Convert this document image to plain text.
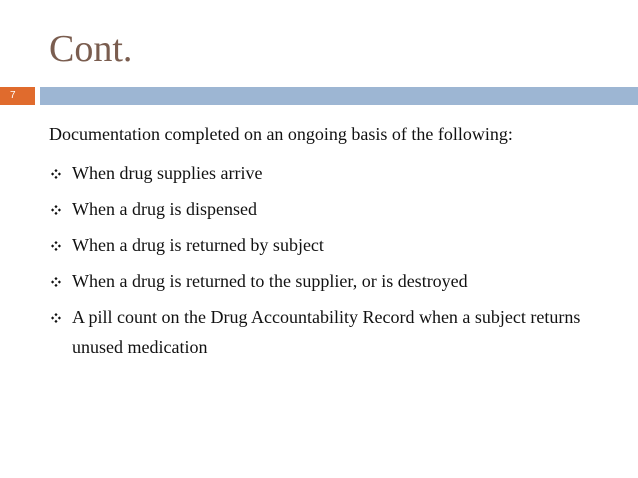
Cont.
7

Documentation completed on an ongoing basis of the following:

When drug supplies arrive
When a drug is dispensed
When a drug is returned by subject
When a drug is returned to the supplier, or is destroyed
A pill count on the Drug Accountability Record when a subject returns unused medication
